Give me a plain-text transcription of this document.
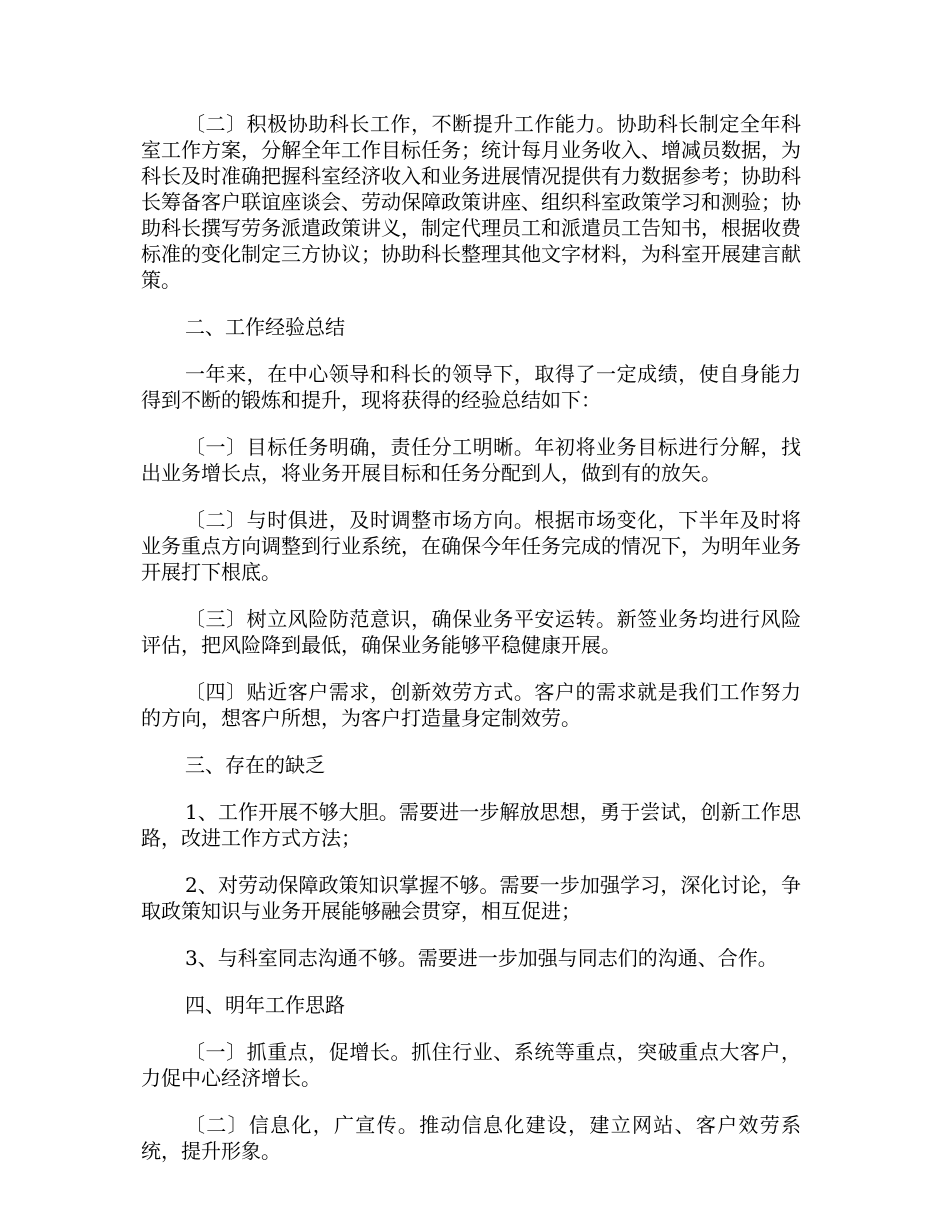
〔二〕积极协助科长工作，不断提升工作能力。协助科长制定全年科室工作方案，分解全年工作目标任务；统计每月业务收入、增减员数据，为科长及时准确把握科室经济收入和业务进展情况提供有力数据参考；协助科长筹备客户联谊座谈会、劳动保障政策讲座、组织科室政策学习和测验；协助科长撰写劳务派遣政策讲义，制定代理员工和派遣员工告知书，根据收费标准的变化制定三方协议；协助科长整理其他文字材料，为科室开展建言献策。

二、工作经验总结

一年来，在中心领导和科长的领导下，取得了一定成绩，使自身能力得到不断的锻炼和提升，现将获得的经验总结如下：

〔一〕目标任务明确，责任分工明晰。年初将业务目标进行分解，找出业务增长点，将业务开展目标和任务分配到人，做到有的放矢。

〔二〕与时俱进，及时调整市场方向。根据市场变化，下半年及时将业务重点方向调整到行业系统，在确保今年任务完成的情况下，为明年业务开展打下根底。

〔三〕树立风险防范意识，确保业务平安运转。新签业务均进行风险评估，把风险降到最低，确保业务能够平稳健康开展。

〔四〕贴近客户需求，创新效劳方式。客户的需求就是我们工作努力的方向，想客户所想，为客户打造量身定制效劳。

三、存在的缺乏

1、工作开展不够大胆。需要进一步解放思想，勇于尝试，创新工作思路，改进工作方式方法；

2、对劳动保障政策知识掌握不够。需要一步加强学习，深化讨论，争取政策知识与业务开展能够融会贯穿，相互促进；

3、与科室同志沟通不够。需要进一步加强与同志们的沟通、合作。

四、明年工作思路

〔一〕抓重点，促增长。抓住行业、系统等重点，突破重点大客户，力促中心经济增长。

〔二〕信息化，广宣传。推动信息化建设，建立网站、客户效劳系统，提升形象。
